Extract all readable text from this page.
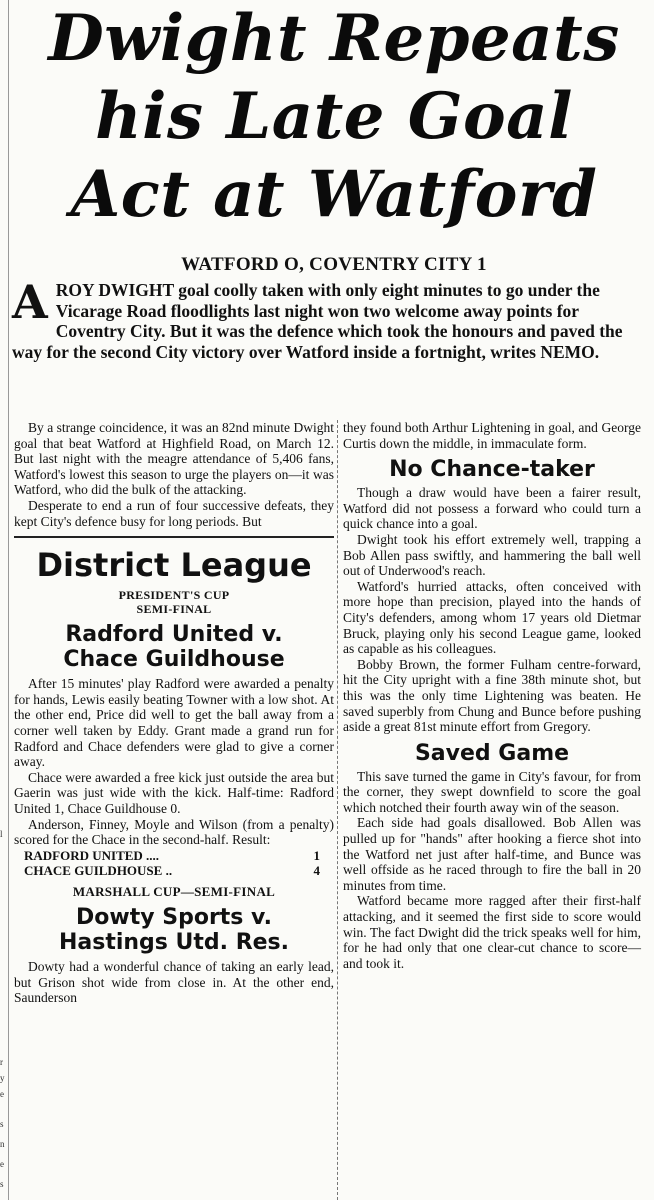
l
r
y
e
s
n
e
s
Dwight Repeats
his Late Goal
Act at Watford
WATFORD O, COVENTRY CITY 1
A ROY DWIGHT goal coolly taken with only eight minutes to go under the Vicarage Road floodlights last night won two welcome away points for Coventry City. But it was the defence which took the honours and paved the way for the second City victory over Watford inside a fortnight, writes NEMO.

By a strange coincidence, it was an 82nd minute Dwight goal that beat Watford at Highfield Road, on March 12. But last night with the meagre attendance of 5,406 fans, Watford's lowest this season to urge the players on—it was Watford, who did the bulk of the attacking.

Desperate to end a run of four successive defeats, they kept City's defence busy for long periods. But

District League
PRESIDENT'S CUP
SEMI-FINAL
Radford United v.
Chace Guildhouse

After 15 minutes' play Radford were awarded a penalty for hands, Lewis easily beating Towner with a low shot. At the other end, Price did well to get the ball away from a corner well taken by Eddy. Grant made a grand run for Radford and Chace defenders were glad to give a corner away.

Chace were awarded a free kick just outside the area but Gaerin was just wide with the kick. Half-time: Radford United 1, Chace Guildhouse 0.

Anderson, Finney, Moyle and Wilson (from a penalty) scored for the Chace in the second-half. Result:

RADFORD UNITED ....	1
CHACE GUILDHOUSE ..	4
MARSHALL CUP—SEMI-FINAL
Dowty Sports v.
Hastings Utd. Res.

Dowty had a wonderful chance of taking an early lead, but Grison shot wide from close in. At the other end, Saunderson

they found both Arthur Lightening in goal, and George Curtis down the middle, in immaculate form.

No Chance-taker

Though a draw would have been a fairer result, Watford did not possess a forward who could turn a quick chance into a goal.

Dwight took his effort extremely well, trapping a Bob Allen pass swiftly, and hammering the ball well out of Underwood's reach.

Watford's hurried attacks, often conceived with more hope than precision, played into the hands of City's defenders, among whom 17 years old Dietmar Bruck, playing only his second League game, looked as capable as his colleagues.

Bobby Brown, the former Fulham centre-forward, hit the City upright with a fine 38th minute shot, but this was the only time Lightening was beaten. He saved superbly from Chung and Bunce before pushing aside a great 81st minute effort from Gregory.

Saved Game

This save turned the game in City's favour, for from the corner, they swept downfield to score the goal which notched their fourth away win of the season.

Each side had goals disallowed. Bob Allen was pulled up for "hands" after hooking a fierce shot into the Watford net just after half-time, and Bunce was well offside as he raced through to fire the ball in 20 minutes from time.

Watford became more ragged after their first-half attacking, and it seemed the first side to score would win. The fact Dwight did the trick speaks well for him, for he had only that one clear-cut chance to score—and took it.
